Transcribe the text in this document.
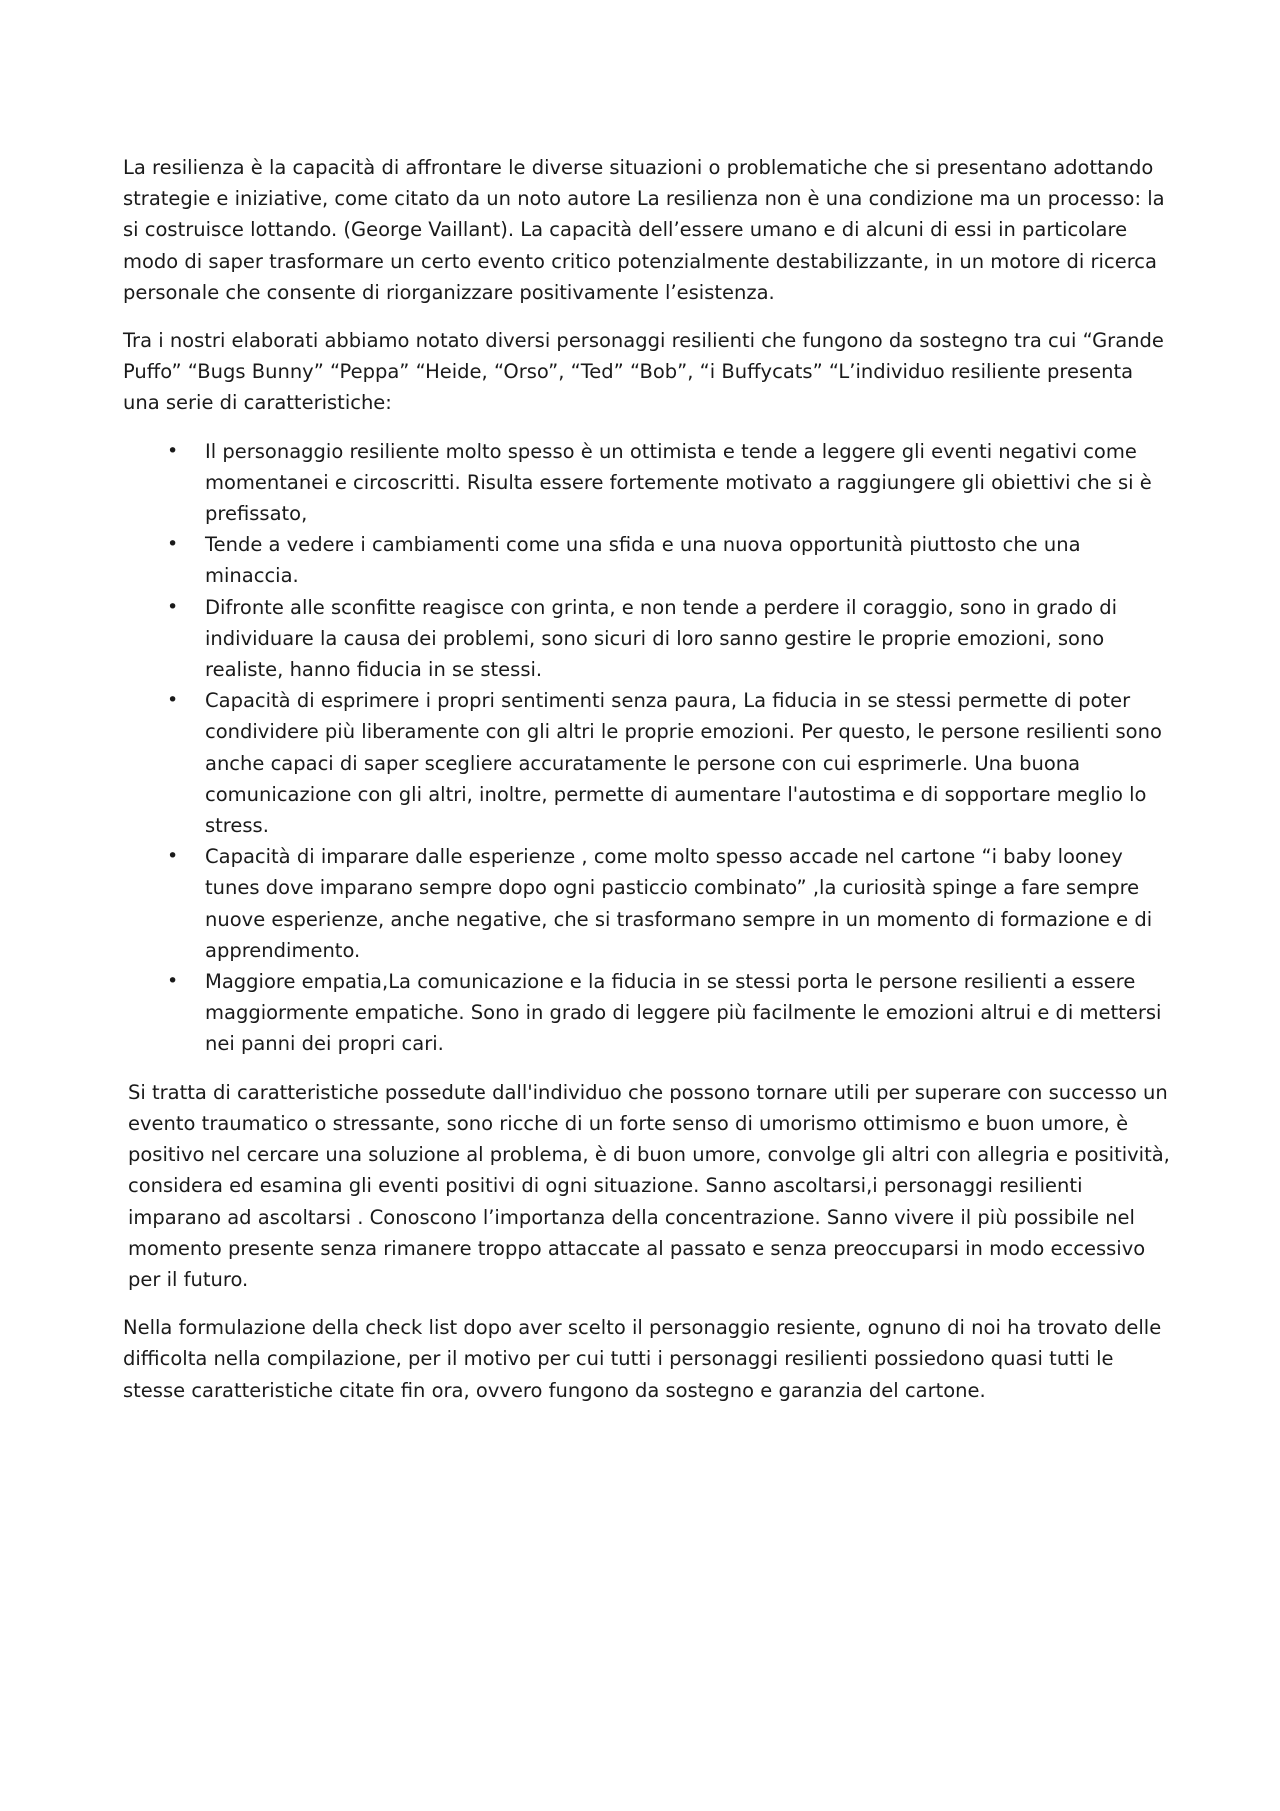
La resilienza è la capacità di affrontare le diverse situazioni o problematiche che si presentano adottando strategie e iniziative, come citato da un noto autore La resilienza non è una condizione ma un processo: la si costruisce lottando. (George Vaillant). La capacità dell’essere umano e di alcuni di essi in particolare modo di saper trasformare un certo evento critico potenzialmente destabilizzante, in un motore di ricerca personale che consente di riorganizzare positivamente l’esistenza.

Tra i nostri elaborati abbiamo notato diversi personaggi resilienti che fungono da sostegno tra cui “Grande Puffo” “Bugs Bunny” “Peppa” “Heide, “Orso”, “Ted” “Bob”, “i Buffycats” “L’individuo resiliente presenta una serie di caratteristiche:

• Il personaggio resiliente molto spesso è un ottimista e tende a leggere gli eventi negativi come momentanei e circoscritti. Risulta essere fortemente motivato a raggiungere gli obiettivi che si è prefissato,
• Tende a vedere i cambiamenti come una sfida e una nuova opportunità piuttosto che una minaccia.
• Difronte alle sconfitte reagisce con grinta, e non tende a perdere il coraggio, sono in grado di individuare la causa dei problemi, sono sicuri di loro sanno gestire le proprie emozioni, sono realiste, hanno fiducia in se stessi.
• Capacità di esprimere i propri sentimenti senza paura, La fiducia in se stessi permette di poter condividere più liberamente con gli altri le proprie emozioni. Per questo, le persone resilienti sono anche capaci di saper scegliere accuratamente le persone con cui esprimerle. Una buona comunicazione con gli altri, inoltre, permette di aumentare l'autostima e di sopportare meglio lo stress.
• Capacità di imparare dalle esperienze , come molto spesso accade nel cartone “i baby looney tunes dove imparano sempre dopo ogni pasticcio combinato” ,la curiosità spinge a fare sempre nuove esperienze, anche negative, che si trasformano sempre in un momento di formazione e di apprendimento.
• Maggiore empatia,La comunicazione e la fiducia in se stessi porta le persone resilienti a essere maggiormente empatiche. Sono in grado di leggere più facilmente le emozioni altrui e di mettersi nei panni dei propri cari.

Si tratta di caratteristiche possedute dall'individuo che possono tornare utili per superare con successo un evento traumatico o stressante, sono ricche di un forte senso di umorismo ottimismo e buon umore, è positivo nel cercare una soluzione al problema, è di buon umore, convolge gli altri con allegria e positività, considera ed esamina gli eventi positivi di ogni situazione. Sanno ascoltarsi,i personaggi resilienti imparano ad ascoltarsi . Conoscono l’importanza della concentrazione. Sanno vivere il più possibile nel momento presente senza rimanere troppo attaccate al passato e senza preoccuparsi in modo eccessivo per il futuro.

Nella formulazione della check list dopo aver scelto il personaggio resiente, ognuno di noi ha trovato delle difficolta nella compilazione, per il motivo per cui tutti i personaggi resilienti possiedono quasi tutti le stesse caratteristiche citate fin ora, ovvero fungono da sostegno e garanzia del cartone.
